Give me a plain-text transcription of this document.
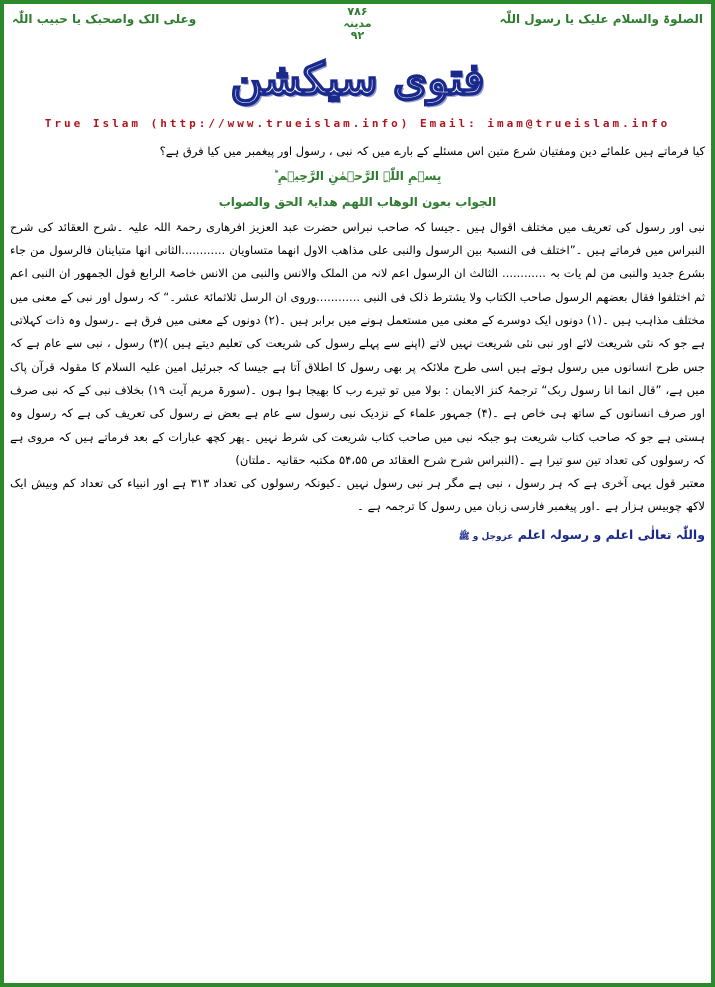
الصلوۃ والسلام علیک یا رسول اللّٰہ
۷۸۶
مدینہ
۹۲
وعلی الک واصحبک یا حبیب اللّٰہ
فتوی سیکشن
True Islam (http://www.trueislam.info) Email: imam@trueislam.info

کیا فرماتے ہیں علمائے دین ومفتیان شرع متین اس مسئلے کے بارے میں کہ نبی ، رسول اور پیغمبر میں کیا فرق ہے؟

بِسۡمِ اللّٰہِ الرَّحۡمٰنِ الرَّحِیۡمِ ؕ

الجواب بعون الوھاب اللھم ھدایۃ الحق والصواب

نبی اور رسول کی تعریف میں مختلف اقوال ہیں ۔جیسا کہ صاحب نبراس حضرت عبد العزیز افرھاری رحمۃ اللہ علیہ ۔شرح العقائد کی شرح النبراس میں فرماتے ہیں ۔”اختلف فی النسبۃ بین الرسول والنبی علی مذاھب الاول انھما متساویان ............الثانی انھا متباینان فالرسول من جاء بشرع جدید والنبی من لم یات بہ ............ الثالث ان الرسول اعم لانہ من الملک والانس والنبی من الانس خاصۃ الرابع قول الجمھور ان النبی اعم ثم اختلفوا فقال بعضھم الرسول صاحب الکتاب ولا یشترط ذلک فی النبی ............وروی ان الرسل ثلاثمائۃ عشر۔“ کہ رسول اور نبی کے معنی میں مختلف مذاہب ہیں ۔(۱) دونوں ایک دوسرے کے معنی میں مستعمل ہونے میں برابر ہیں ۔(۲) دونوں کے معنی میں فرق ہے ۔رسول وہ ذات کہلاتی ہے جو کہ نئی شریعت لائے اور نبی نئی شریعت نہیں لاتے (اپنے سے پہلے رسول کی شریعت کی تعلیم دیتے ہیں )(۳) رسول ، نبی سے عام ہے کہ جس طرح انسانوں میں رسول ہوتے ہیں اسی طرح ملائکہ پر بھی رسول کا اطلاق آتا ہے جیسا کہ جبرئیل امین علیہ السلام کا مقولہ قرآن پاک میں ہے، ”قال انما انا رسول ربک“ ترجمۂ کنز الایمان : بولا میں تو تیرے رب کا بھیجا ہوا ہوں ۔(سورۃ مریم آیت ۱۹) بخلاف نبی کے کہ نبی صرف اور صرف انسانوں کے ساتھ ہی خاص ہے ۔(۴) جمہور علماء کے نزدیک نبی رسول سے عام ہے بعض نے رسول کی تعریف کی ہے کہ رسول وہ ہستی ہے جو کہ صاحب کتاب شریعت ہو جبکہ نبی میں صاحب کتاب شریعت کی شرط نہیں ۔پھر کچھ عبارات کے بعد فرماتے ہیں کہ مروی ہے کہ رسولوں کی تعداد تین سو تیرا ہے ۔(النبراس شرح شرح العقائد ص ۵۴،۵۵ مکتبہ حقانیہ ۔ملتان)

معتبر قول یہی آخری ہے کہ ہر رسول ، نبی ہے مگر ہر نبی رسول نہیں ۔کیونکہ رسولوں کی تعداد ۳۱۳ ہے اور انبیاء کی تعداد کم وبیش ایک لاکھ چوبیس ہزار ہے ۔اور پیغمبر فارسی زبان میں رسول کا ترجمہ ہے ۔

واللّٰہ تعالٰی اعلم و رسولہ اعلم عزوجل و ﷺ
